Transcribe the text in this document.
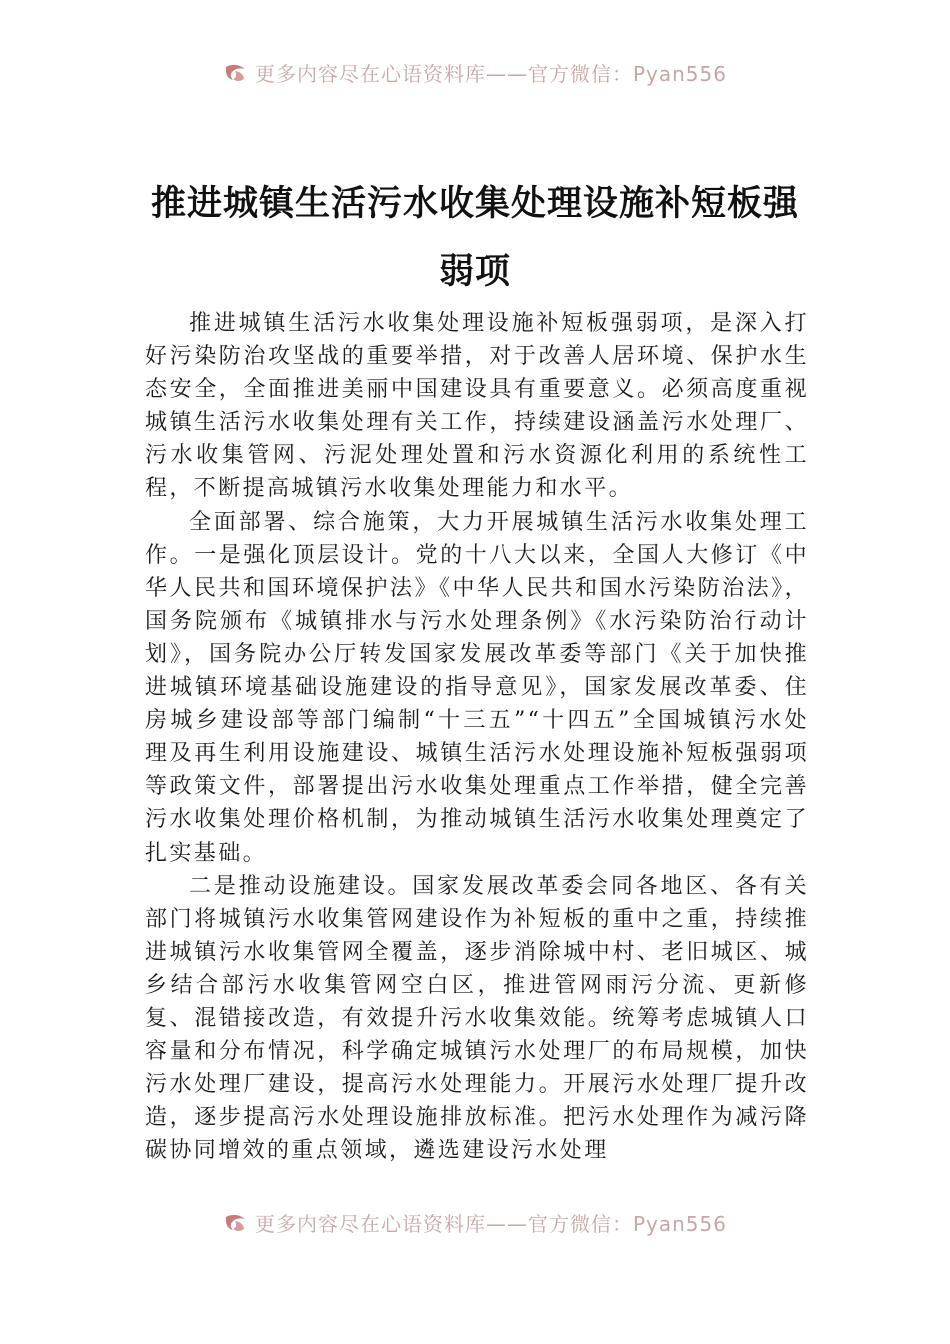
更多内容尽在心语资料库——官方微信：Pyan556
推进城镇生活污水收集处理设施补短板强弱项

推进城镇生活污水收集处理设施补短板强弱项，是深入打好污染防治攻坚战的重要举措，对于改善人居环境、保护水生态安全，全面推进美丽中国建设具有重要意义。必须高度重视城镇生活污水收集处理有关工作，持续建设涵盖污水处理厂、污水收集管网、污泥处理处置和污水资源化利用的系统性工程，不断提高城镇污水收集处理能力和水平。

全面部署、综合施策，大力开展城镇生活污水收集处理工作。一是强化顶层设计。党的十八大以来，全国人大修订《中华人民共和国环境保护法》《中华人民共和国水污染防治法》，国务院颁布《城镇排水与污水处理条例》《水污染防治行动计划》，国务院办公厅转发国家发展改革委等部门《关于加快推进城镇环境基础设施建设的指导意见》，国家发展改革委、住房城乡建设部等部门编制“十三五”“十四五”全国城镇污水处理及再生利用设施建设、城镇生活污水处理设施补短板强弱项等政策文件，部署提出污水收集处理重点工作举措，健全完善污水收集处理价格机制，为推动城镇生活污水收集处理奠定了扎实基础。

二是推动设施建设。国家发展改革委会同各地区、各有关部门将城镇污水收集管网建设作为补短板的重中之重，持续推进城镇污水收集管网全覆盖，逐步消除城中村、老旧城区、城乡结合部污水收集管网空白区，推进管网雨污分流、更新修复、混错接改造，有效提升污水收集效能。统筹考虑城镇人口容量和分布情况，科学确定城镇污水处理厂的布局规模，加快污水处理厂建设，提高污水处理能力。开展污水处理厂提升改造，逐步提高污水处理设施排放标准。把污水处理作为减污降碳协同增效的重点领域，遴选建设污水处理

更多内容尽在心语资料库——官方微信：Pyan556
